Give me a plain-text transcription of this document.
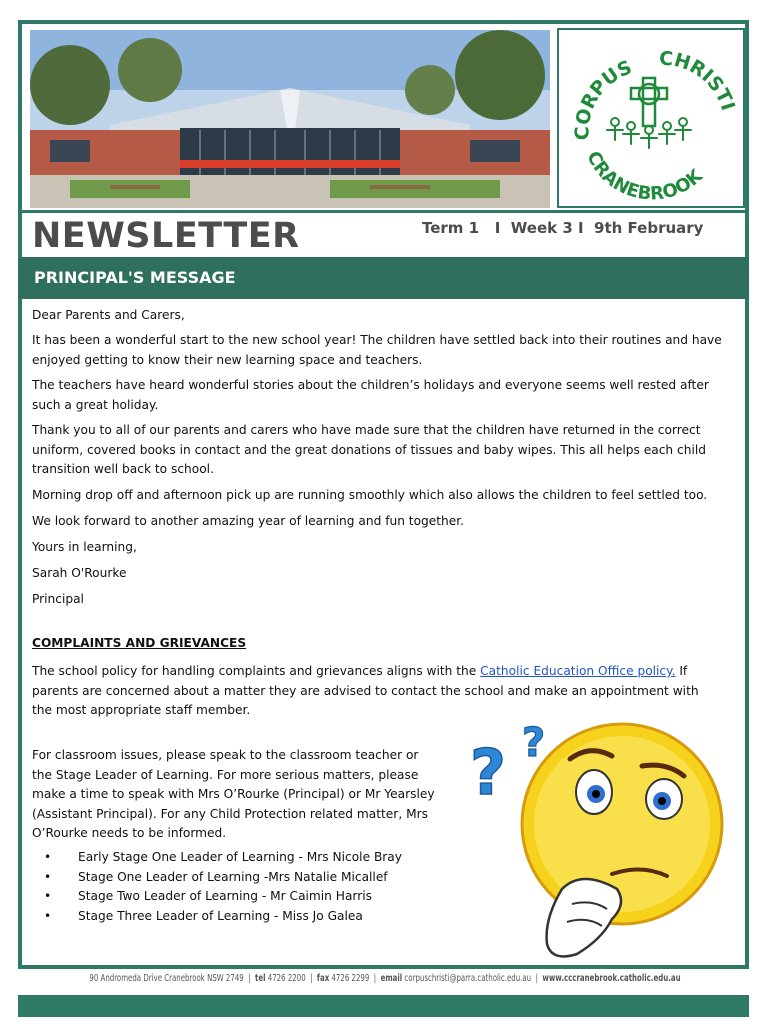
CORPUS CHRISTI
CRANEBROOK
NEWSLETTER	Term 1   I  Week 3 I  9th February
PRINCIPAL'S MESSAGE
Dear Parents and Carers,
It has been a wonderful start to the new school year! The children have settled back into their routines and have enjoyed getting to know their new learning space and teachers.
The teachers have heard wonderful stories about the children’s holidays and everyone seems well rested after such a great holiday.
Thank you to all of our parents and carers who have made sure that the children have returned in the correct uniform, covered books in contact and the great donations of tissues and baby wipes. This all helps each child transition well back to school.
Morning drop off and afternoon pick up are running smoothly which also allows the children to feel settled too.
We look forward to another amazing year of learning and fun together.
Yours in learning,
Sarah O'Rourke
Principal
COMPLAINTS AND GRIEVANCES
The school policy for handling complaints and grievances aligns with the Catholic Education Office policy. If parents are concerned about a matter they are advised to contact the school and make an appointment with the most appropriate staff member.
For classroom issues, please speak to the classroom teacher or the Stage Leader of Learning. For more serious matters, please make a time to speak with Mrs O’Rourke (Principal) or Mr Yearsley (Assistant Principal). For any Child Protection related matter, Mrs O’Rourke needs to be informed.
• Early Stage One Leader of Learning - Mrs Nicole Bray
• Stage One Leader of Learning -Mrs Natalie Micallef
• Stage Two Leader of Learning - Mr Caimin Harris
• Stage Three Leader of Learning - Miss Jo Galea
? ?
90 Andromeda Drive Cranebrook NSW 2749  |  tel 4726 2200  |  fax 4726 2299  |  email corpuschristi@parra.catholic.edu.au  |  www.cccranebrook.catholic.edu.au
